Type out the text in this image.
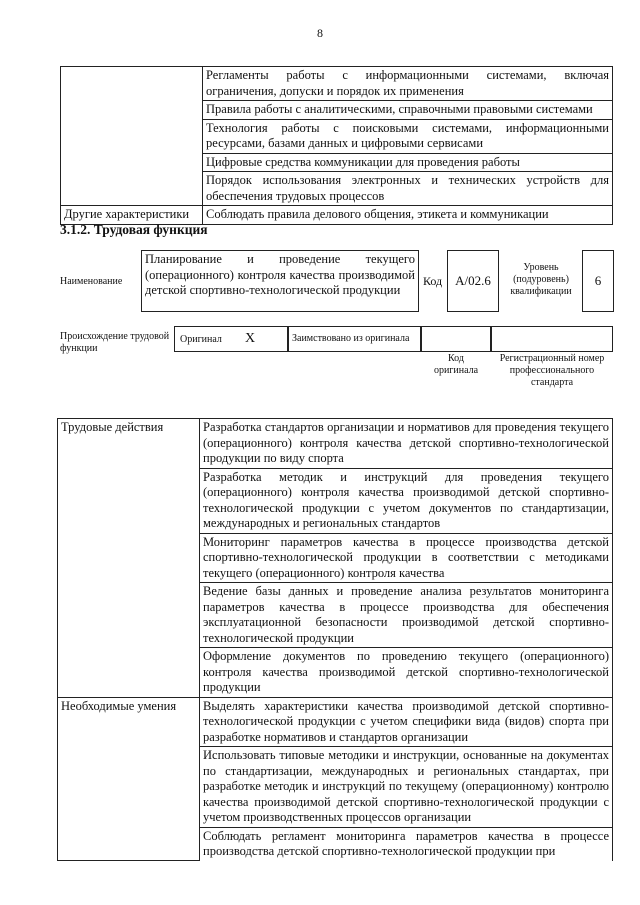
8
	Регламенты работы с информационными системами, включая ограничения, допуски и порядок их применения
	Правила работы с аналитическими, справочными правовыми системами
	Технология работы с поисковыми системами, информационными ресурсами, базами данных и цифровыми сервисами
	Цифровые средства коммуникации для проведения работы
	Порядок использования электронных и технических устройств для обеспечения трудовых процессов
Другие характеристики	Соблюдать правила делового общения, этикета и коммуникации
3.1.2. Трудовая функция
Наименование
Планирование и проведение текущего (операционного) контроля качества производимой детской спортивно-технологической продукции
Код А/02.6
Уровень (подуровень) квалификации
6
Происхождение трудовой функции
Оригинал Х	Заимствовано из оригинала
Код оригинала
Регистрационный номер профессионального стандарта
Трудовые действия	Разработка стандартов организации и нормативов для проведения текущего (операционного) контроля качества детской спортивно-технологической продукции по виду спорта
	Разработка методик и инструкций для проведения текущего (операционного) контроля качества производимой детской спортивно-технологической продукции с учетом документов по стандартизации, международных и региональных стандартов
	Мониторинг параметров качества в процессе производства детской спортивно-технологической продукции в соответствии с методиками текущего (операционного) контроля качества
	Ведение базы данных и проведение анализа результатов мониторинга параметров качества в процессе производства для обеспечения эксплуатационной безопасности производимой детской спортивно-технологической продукции
	Оформление документов по проведению текущего (операционного) контроля качества производимой детской спортивно-технологической продукции
Необходимые умения	Выделять характеристики качества производимой детской спортивно-технологической продукции с учетом специфики вида (видов) спорта при разработке нормативов и стандартов организации
	Использовать типовые методики и инструкции, основанные на документах по стандартизации, международных и региональных стандартах, при разработке методик и инструкций по текущему (операционному) контролю качества производимой детской спортивно-технологической продукции с учетом производственных процессов организации
	Соблюдать регламент мониторинга параметров качества в процессе производства детской спортивно-технологической продукции при
